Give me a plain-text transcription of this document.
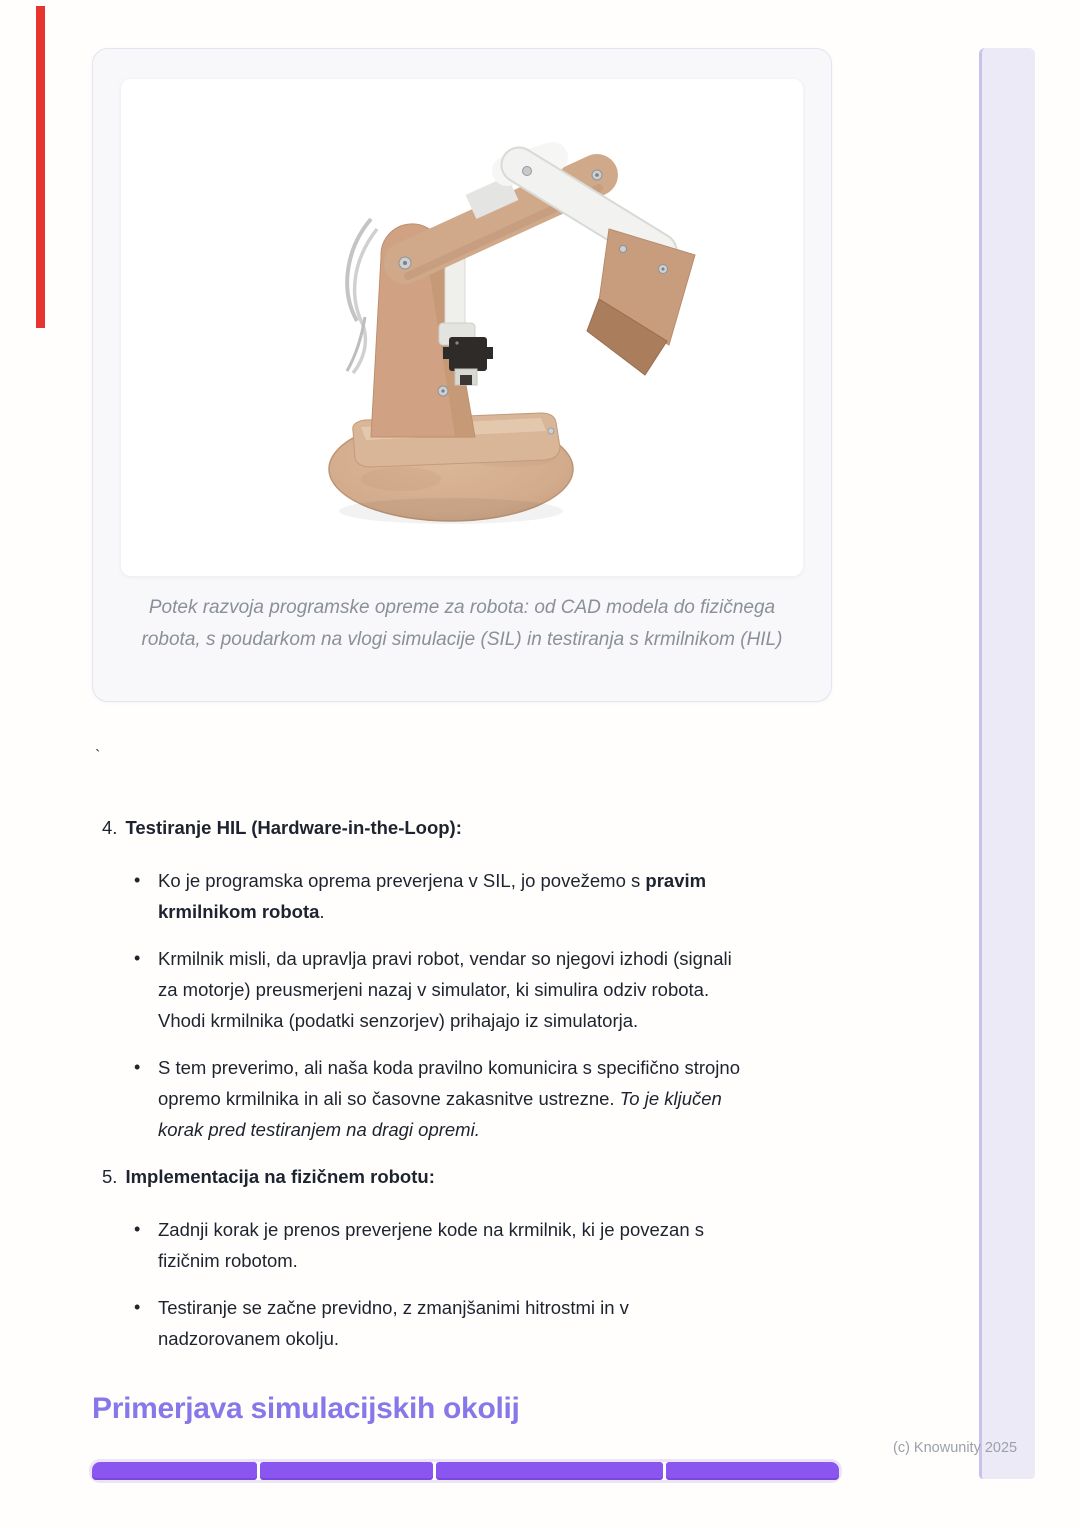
Potek razvoja programske opreme za robota: od CAD modela do fizičnega
robota, s poudarkom na vlogi simulacije (SIL) in testiranja s krmilnikom (HIL)
`
4. Testiranje HIL (Hardware-in-the-Loop):
• Ko je programska oprema preverjena v SIL, jo povežemo s pravim
krmilnikom robota.
• Krmilnik misli, da upravlja pravi robot, vendar so njegovi izhodi (signali
za motorje) preusmerjeni nazaj v simulator, ki simulira odziv robota.
Vhodi krmilnika (podatki senzorjev) prihajajo iz simulatorja.
• S tem preverimo, ali naša koda pravilno komunicira s specifično strojno
opremo krmilnika in ali so časovne zakasnitve ustrezne. To je ključen
korak pred testiranjem na dragi opremi.
5. Implementacija na fizičnem robotu:
• Zadnji korak je prenos preverjene kode na krmilnik, ki je povezan s
fizičnim robotom.
• Testiranje se začne previdno, z zmanjšanimi hitrostmi in v
nadzorovanem okolju.
Primerjava simulacijskih okolij
(c) Knowunity 2025
